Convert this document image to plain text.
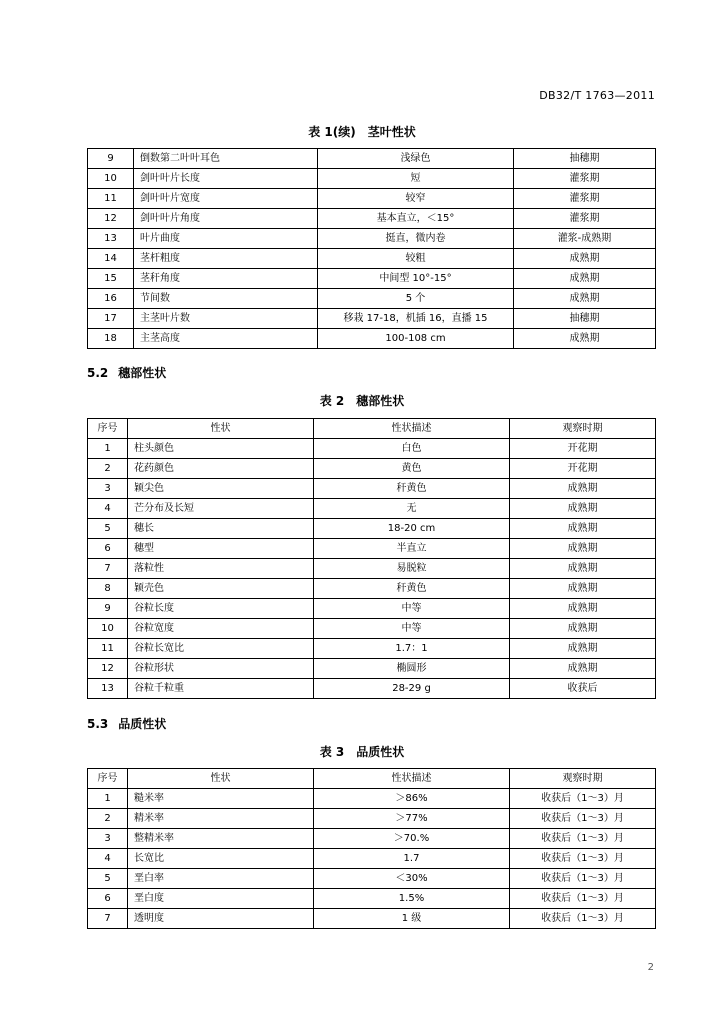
DB32/T 1763—2011
表 1(续)　茎叶性状
9	倒数第二叶叶耳色	浅绿色	抽穗期
10	剑叶叶片长度	短	灌浆期
11	剑叶叶片宽度	较窄	灌浆期
12	剑叶叶片角度	基本直立，＜15°	灌浆期
13	叶片曲度	挺直，微内卷	灌浆-成熟期
14	茎杆粗度	较粗	成熟期
15	茎秆角度	中间型 10°-15°	成熟期
16	节间数	5 个	成熟期
17	主茎叶片数	移栽 17-18，机插 16，直播 15	抽穗期
18	主茎高度	100-108 cm	成熟期
5.2 穗部性状
表 2　穗部性状
序号	性状	性状描述	观察时期
1	柱头颜色	白色	开花期
2	花药颜色	黄色	开花期
3	颖尖色	秆黄色	成熟期
4	芒分布及长短	无	成熟期
5	穗长	18-20 cm	成熟期
6	穗型	半直立	成熟期
7	落粒性	易脱粒	成熟期
8	颖壳色	秆黄色	成熟期
9	谷粒长度	中等	成熟期
10	谷粒宽度	中等	成熟期
11	谷粒长宽比	1.7：1	成熟期
12	谷粒形状	椭圆形	成熟期
13	谷粒千粒重	28-29 g	收获后
5.3 品质性状
表 3　品质性状
序号	性状	性状描述	观察时期
1	糙米率	＞86%	收获后（1～3）月
2	精米率	＞77%	收获后（1～3）月
3	整精米率	＞70.%	收获后（1～3）月
4	长宽比	1.7	收获后（1～3）月
5	垩白率	＜30%	收获后（1～3）月
6	垩白度	1.5%	收获后（1～3）月
7	透明度	1 级	收获后（1～3）月
2
